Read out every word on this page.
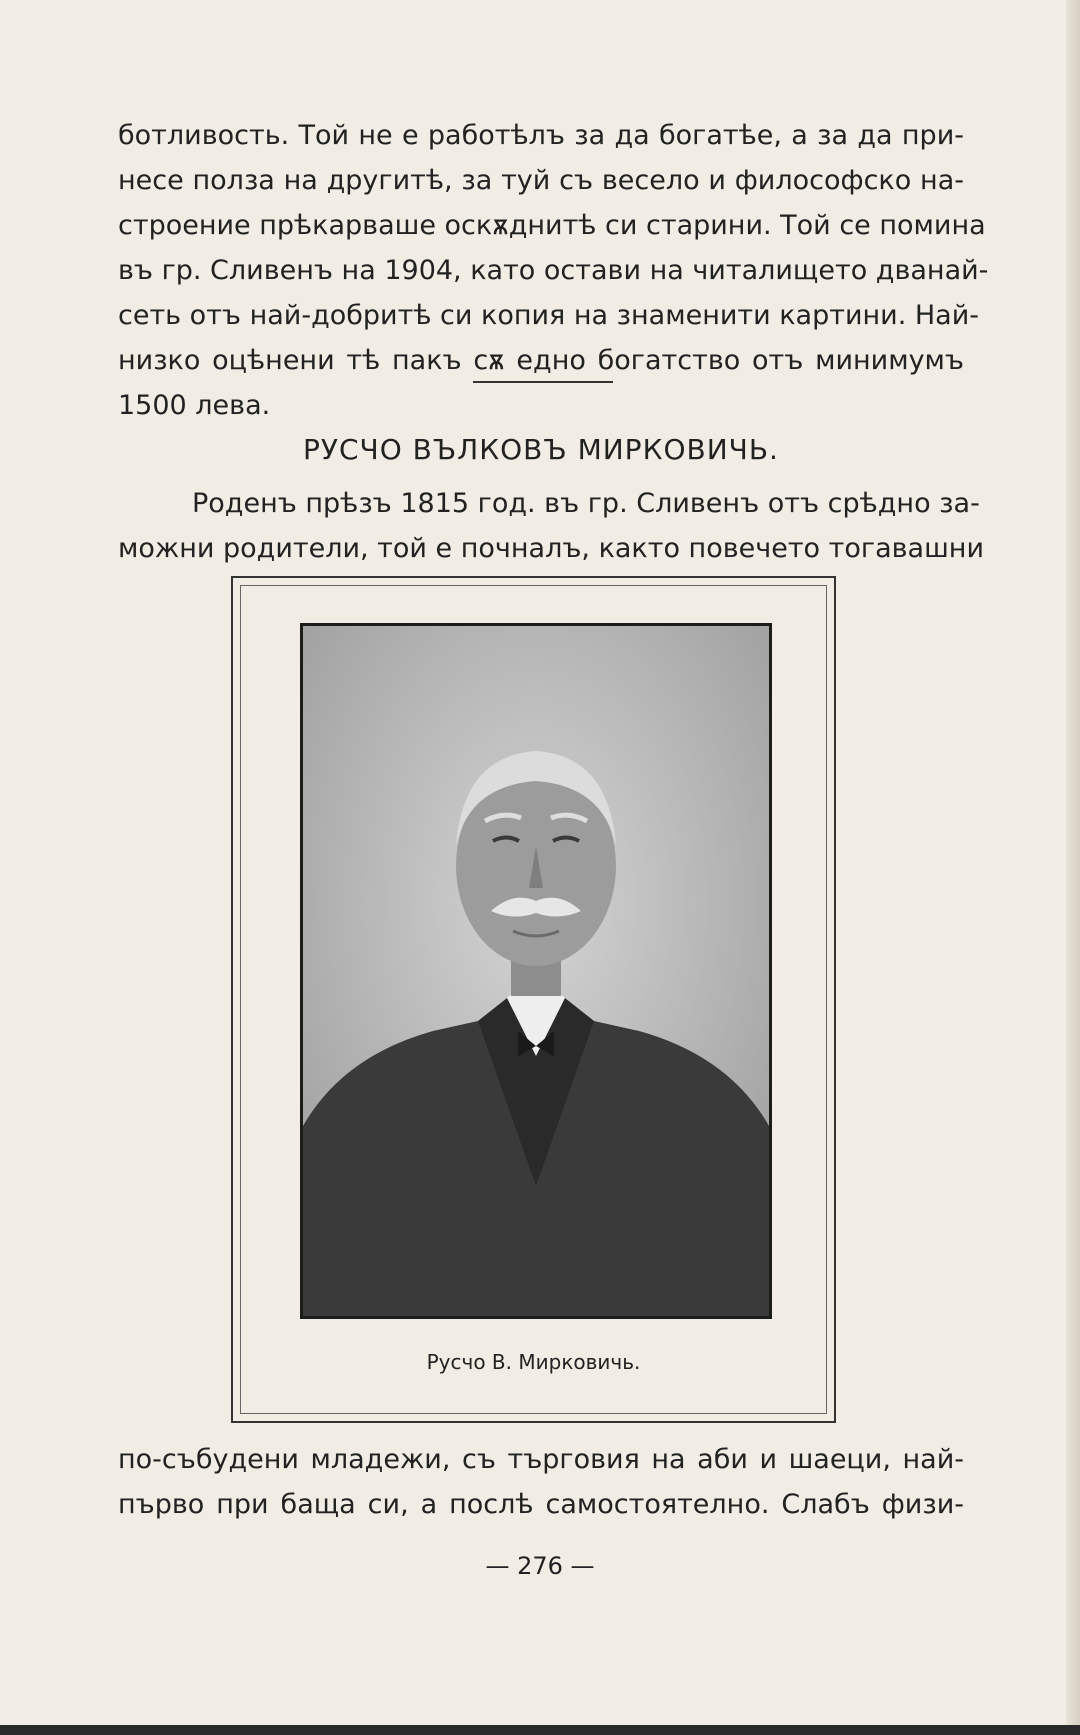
ботливость. Той не е работѣлъ за да богатѣе, а за да при-
несе полза на другитѣ, за туй съ весело и философско на-
строение прѣкарваше оскѫднитѣ си старини. Той се помина
въ гр. Сливенъ на 1904, като остави на читалището дванай-
сеть отъ най-добритѣ си копия на знаменити картини. Най-
низко оцѣнени тѣ пакъ сѫ едно богатство отъ минимумъ
1500 лева.
РУСЧО ВЪЛКОВЪ МИРКОВИЧЬ.
Роденъ прѣзъ 1815 год. въ гр. Сливенъ отъ срѣдно за-
можни родители, той е почналъ, както повечето тогавашни
Русчо В. Мирковичь.
по-събудени младежи, съ търговия на аби и шаеци, най-
първо при баща си, а послѣ самостоятелно. Слабъ физи-
— 276 —
